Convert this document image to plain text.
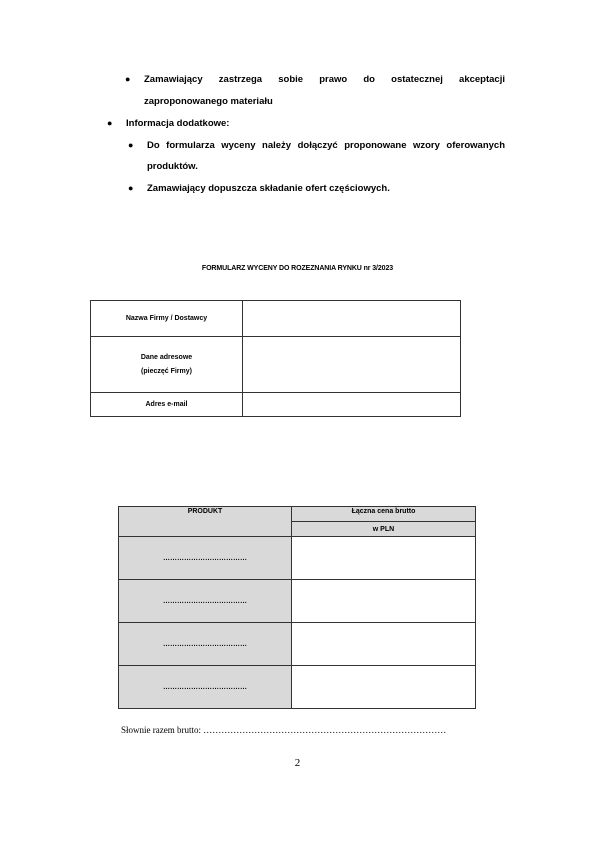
● Zamawiający zastrzega sobie prawo do ostatecznej akceptacji
zaproponowanego materiału
● Informacja dodatkowe:
● Do formularza wyceny należy dołączyć proponowane wzory oferowanych
produktów.
● Zamawiający dopuszcza składanie ofert częściowych.
FORMULARZ WYCENY DO ROZEZNANIA RYNKU nr 3/2023
Nazwa Firmy / Dostawcy	

Dane adresowe
(pieczęć Firmy)	

Adres e-mail	
PRODUKT	Łączna cena brutto
	w PLN
………………………………	
………………………………	
………………………………	
………………………………	
Słownie razem brutto: ………………………………………………………………………
2
